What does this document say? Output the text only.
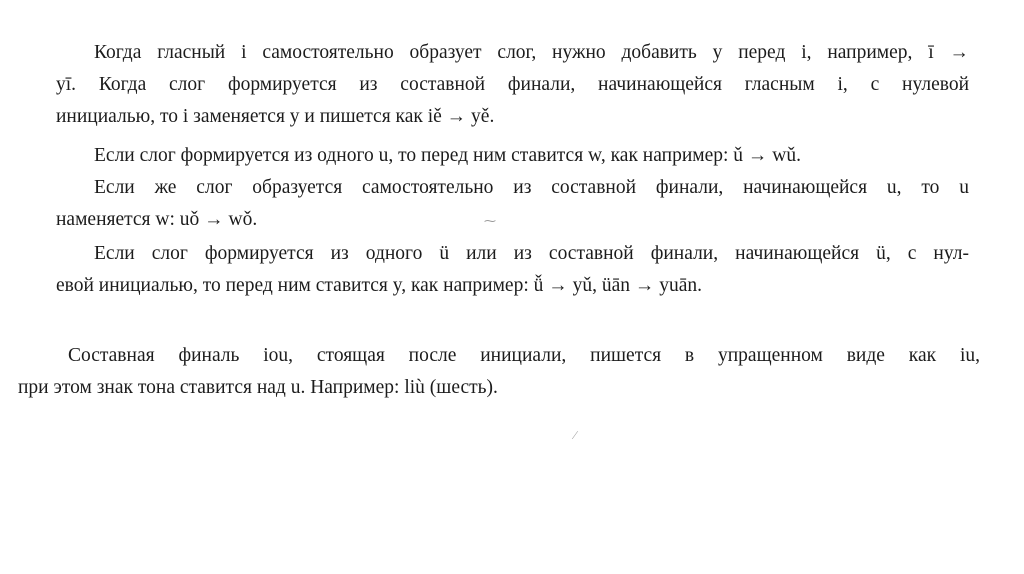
Когда гласный i самостоятельно образует слог, нужно добавить y перед i, например, ī →
yī. Когда слог формируется из составной финали, начинающейся гласным i, с нулевой
инициалью, то i заменяется y и пишется как iě → yě.

Если слог формируется из одного u, то перед ним ставится w, как например: ǔ → wǔ.

Если же слог образуется самостоятельно из составной финали, начинающейся u, то u
наменяется w: uǒ → wǒ.

Если слог формируется из одного ü или из составной финали, начинающейся ü, с нул-
евой инициалью, то перед ним ставится y, как например: ǚ → yǔ, üān → yuān.

Составная финаль iou, стоящая после инициали, пишется в упращенном виде как iu,
при этом знак тона ставится над u. Например: liù (шесть).

⁓
∕
